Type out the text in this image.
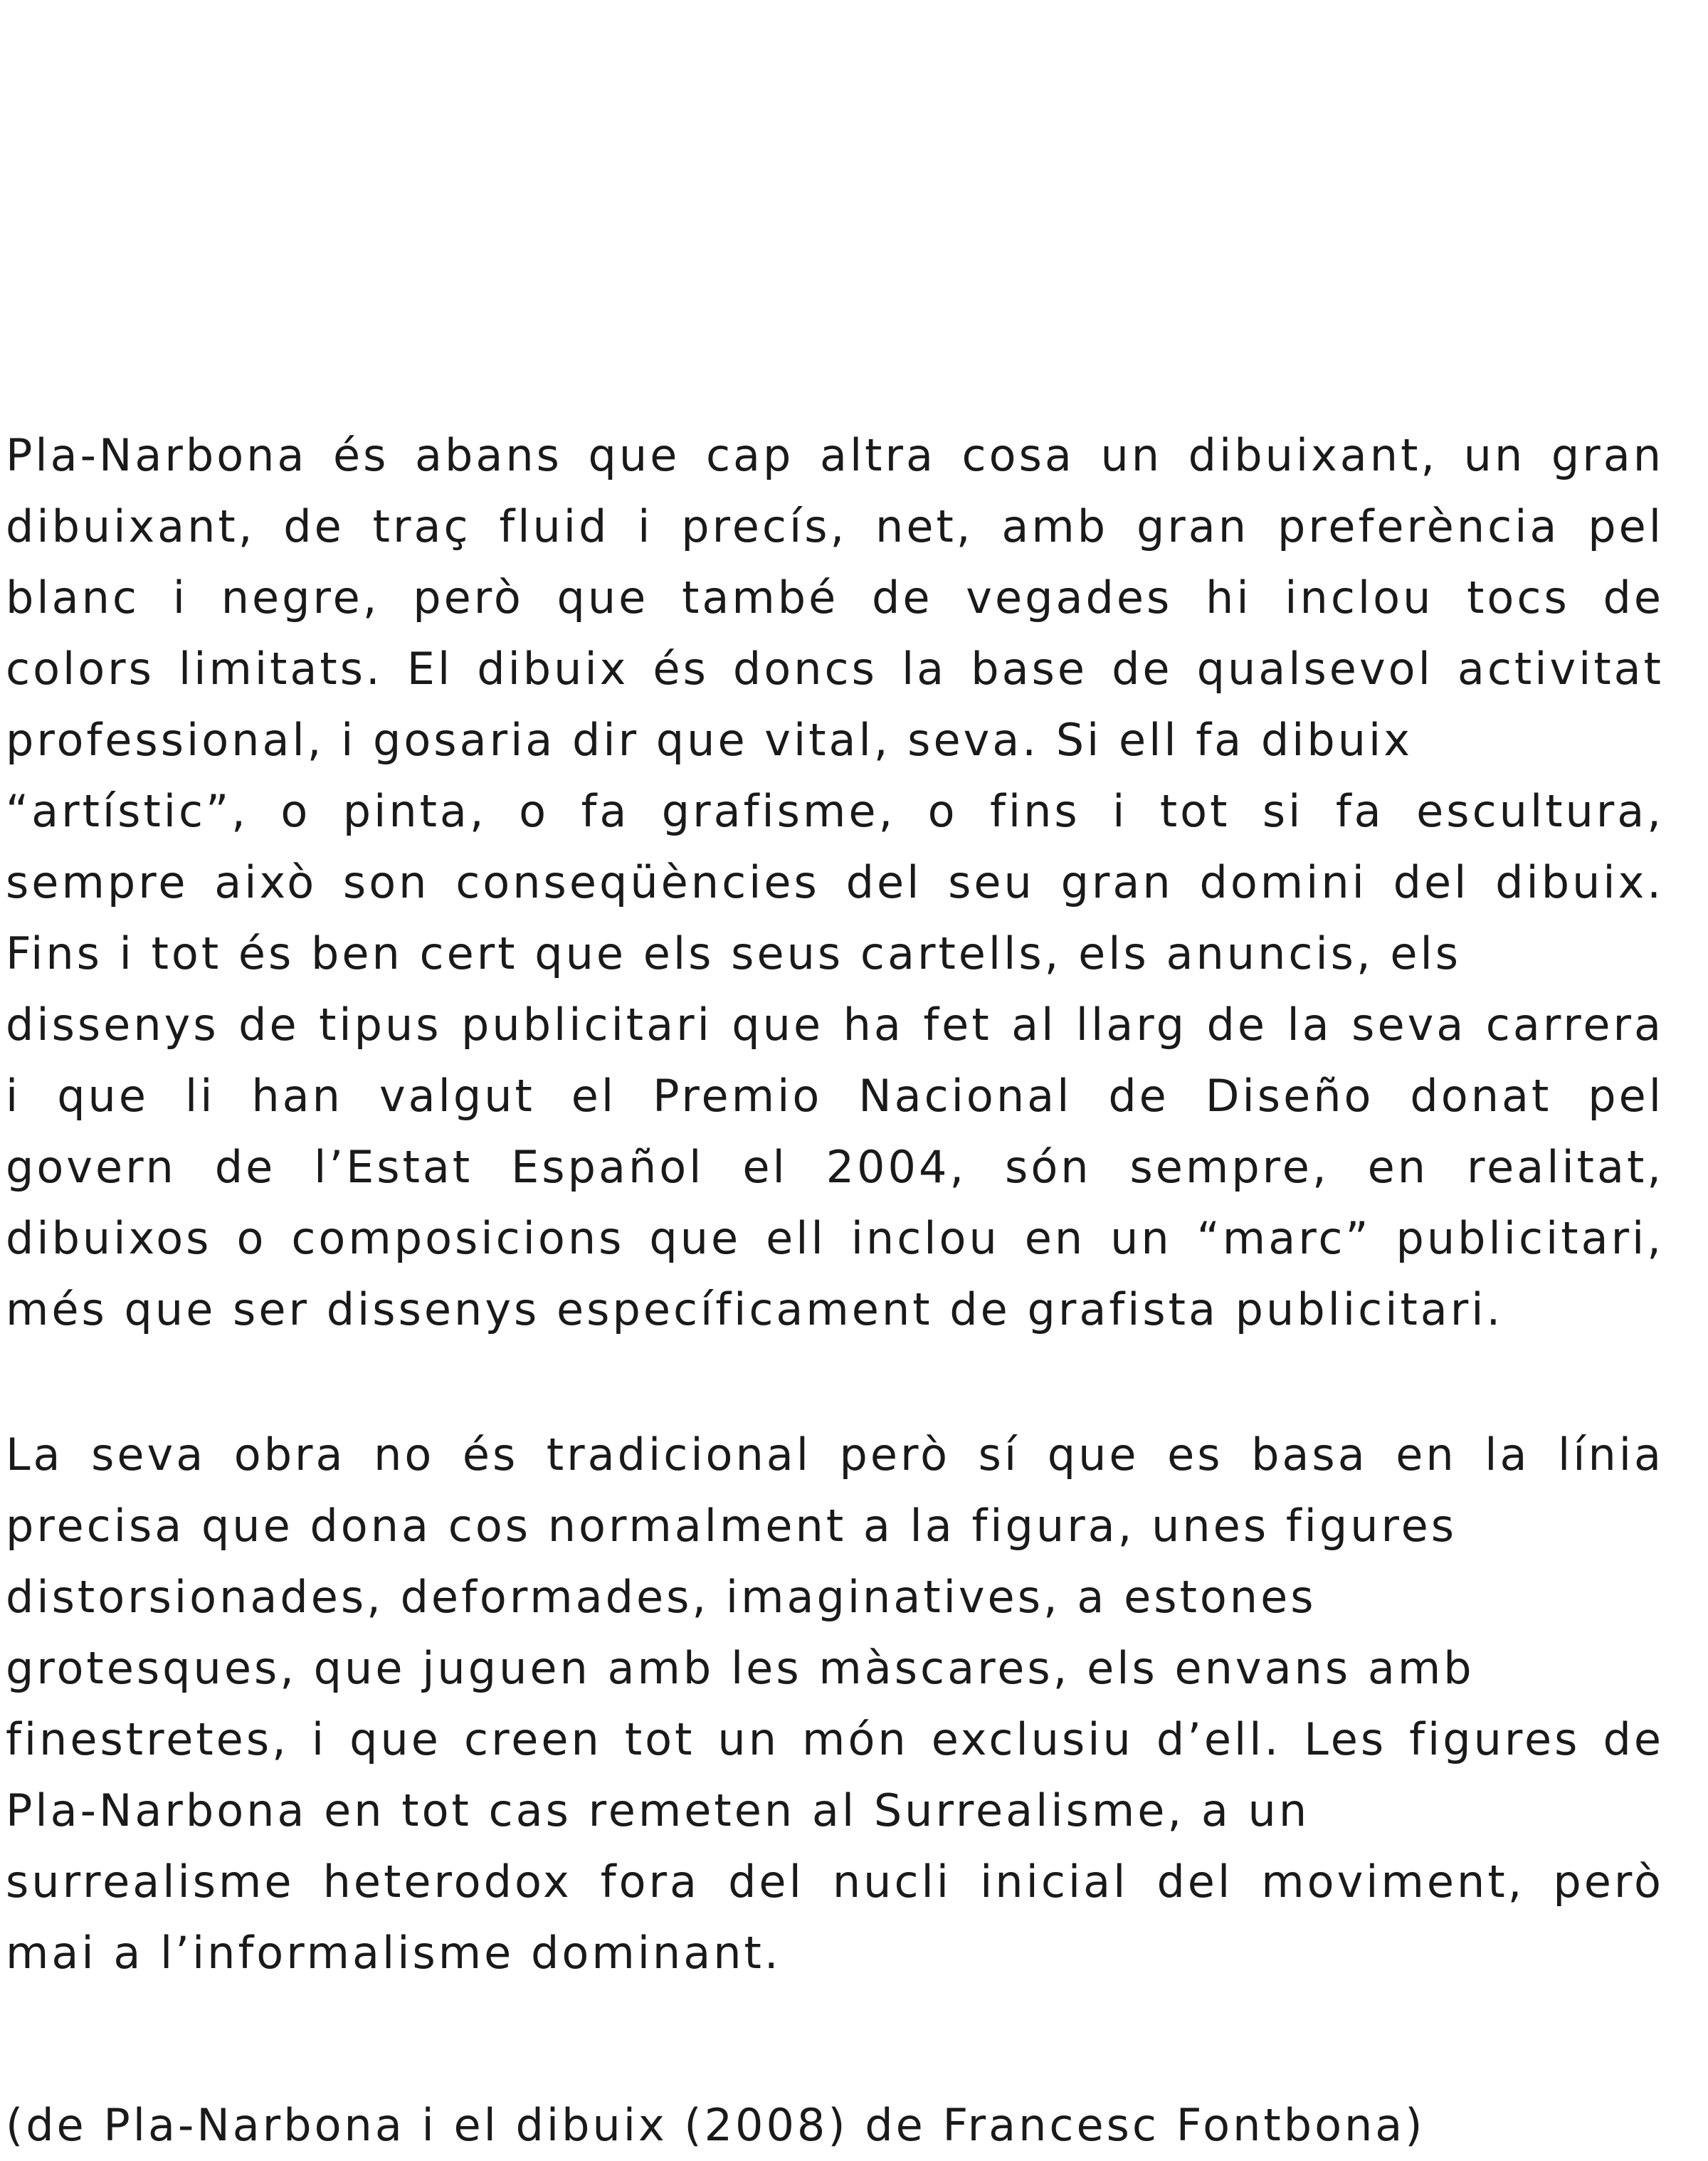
Pla-Narbona és abans que cap altra cosa un dibuixant, un gran
dibuixant, de traç fluid i precís, net, amb gran preferència pel
blanc i negre, però que també de vegades hi inclou tocs de
colors limitats. El dibuix és doncs la base de qualsevol activitat
professional, i gosaria dir que vital, seva. Si ell fa dibuix
“artístic”, o pinta, o fa grafisme, o fins i tot si fa escultura,
sempre això son conseqüències del seu gran domini del dibuix.
Fins i tot és ben cert que els seus cartells, els anuncis, els
dissenys de tipus publicitari que ha fet al llarg de la seva carrera
i que li han valgut el Premio Nacional de Diseño donat pel
govern de l’Estat Español el 2004, són sempre, en realitat,
dibuixos o composicions que ell inclou en un “marc” publicitari,
més que ser dissenys específicament de grafista publicitari.
La seva obra no és tradicional però sí que es basa en la línia
precisa que dona cos normalment a la figura, unes figures
distorsionades, deformades, imaginatives, a estones
grotesques, que juguen amb les màscares, els envans amb
finestretes, i que creen tot un món exclusiu d’ell. Les figures de
Pla-Narbona en tot cas remeten al Surrealisme, a un
surrealisme heterodox fora del nucli inicial del moviment, però
mai a l’informalisme dominant.
(de Pla-Narbona i el dibuix (2008) de Francesc Fontbona)
